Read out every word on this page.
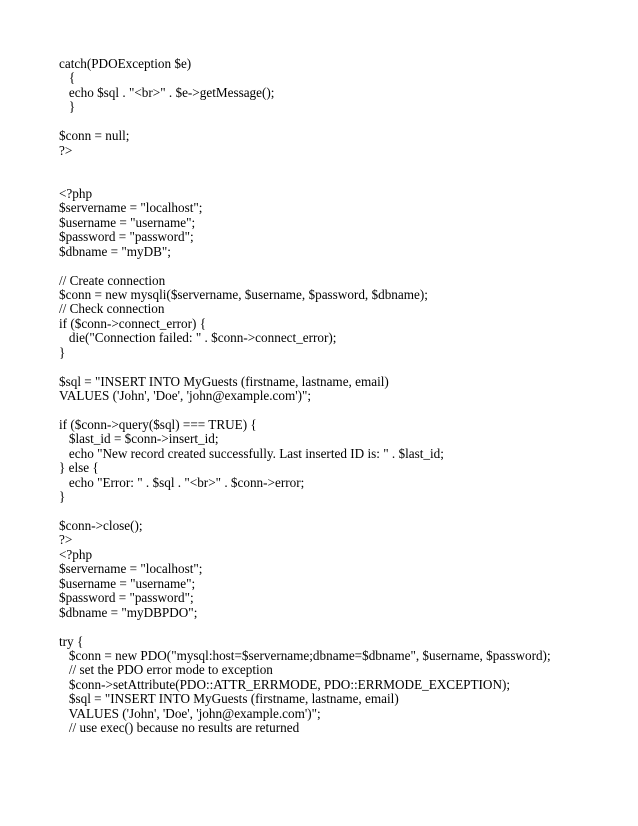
catch(PDOException $e)
{
echo $sql . "<br>" . $e->getMessage();
}
$conn = null;
?>
<?php
$servername = "localhost";
$username = "username";
$password = "password";
$dbname = "myDB";
// Create connection
$conn = new mysqli($servername, $username, $password, $dbname);
// Check connection
if ($conn->connect_error) {
die("Connection failed: " . $conn->connect_error);
}
$sql = "INSERT INTO MyGuests (firstname, lastname, email)
VALUES ('John', 'Doe', 'john@example.com')";
if ($conn->query($sql) === TRUE) {
$last_id = $conn->insert_id;
echo "New record created successfully. Last inserted ID is: " . $last_id;
} else {
echo "Error: " . $sql . "<br>" . $conn->error;
}
$conn->close();
?>
<?php
$servername = "localhost";
$username = "username";
$password = "password";
$dbname = "myDBPDO";
try {
$conn = new PDO("mysql:host=$servername;dbname=$dbname", $username, $password);
// set the PDO error mode to exception
$conn->setAttribute(PDO::ATTR_ERRMODE, PDO::ERRMODE_EXCEPTION);
$sql = "INSERT INTO MyGuests (firstname, lastname, email)
VALUES ('John', 'Doe', 'john@example.com')";
// use exec() because no results are returned
